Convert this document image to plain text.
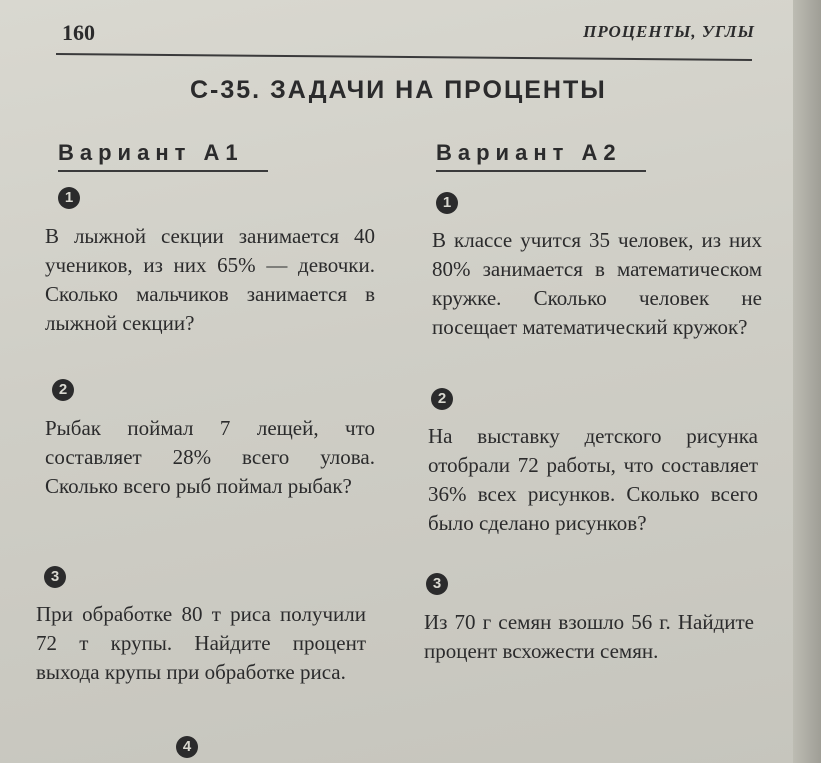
160	ПРОЦЕНТЫ, УГЛЫ
С-35. ЗАДАЧИ НА ПРОЦЕНТЫ
Вариант А1
1

В лыжной секции занимается 40 учеников, из них 65% — девочки. Сколько мальчиков занимается в лыжной секции?

2

Рыбак поймал 7 лещей, что составляет 28% всего улова. Сколько всего рыб поймал рыбак?

3

При обработке 80 т риса получили 72 т крупы. Найдите процент выхода крупы при обработке риса.

4
Вариант А2
1

В классе учится 35 человек, из них 80% занимается в математическом кружке. Сколько человек не посещает математический кружок?

2

На выставку детского рисунка отобрали 72 работы, что составляет 36% всех рисунков. Сколько всего было сделано рисунков?

3

Из 70 г семян взошло 56 г. Найдите процент всхожести семян.
